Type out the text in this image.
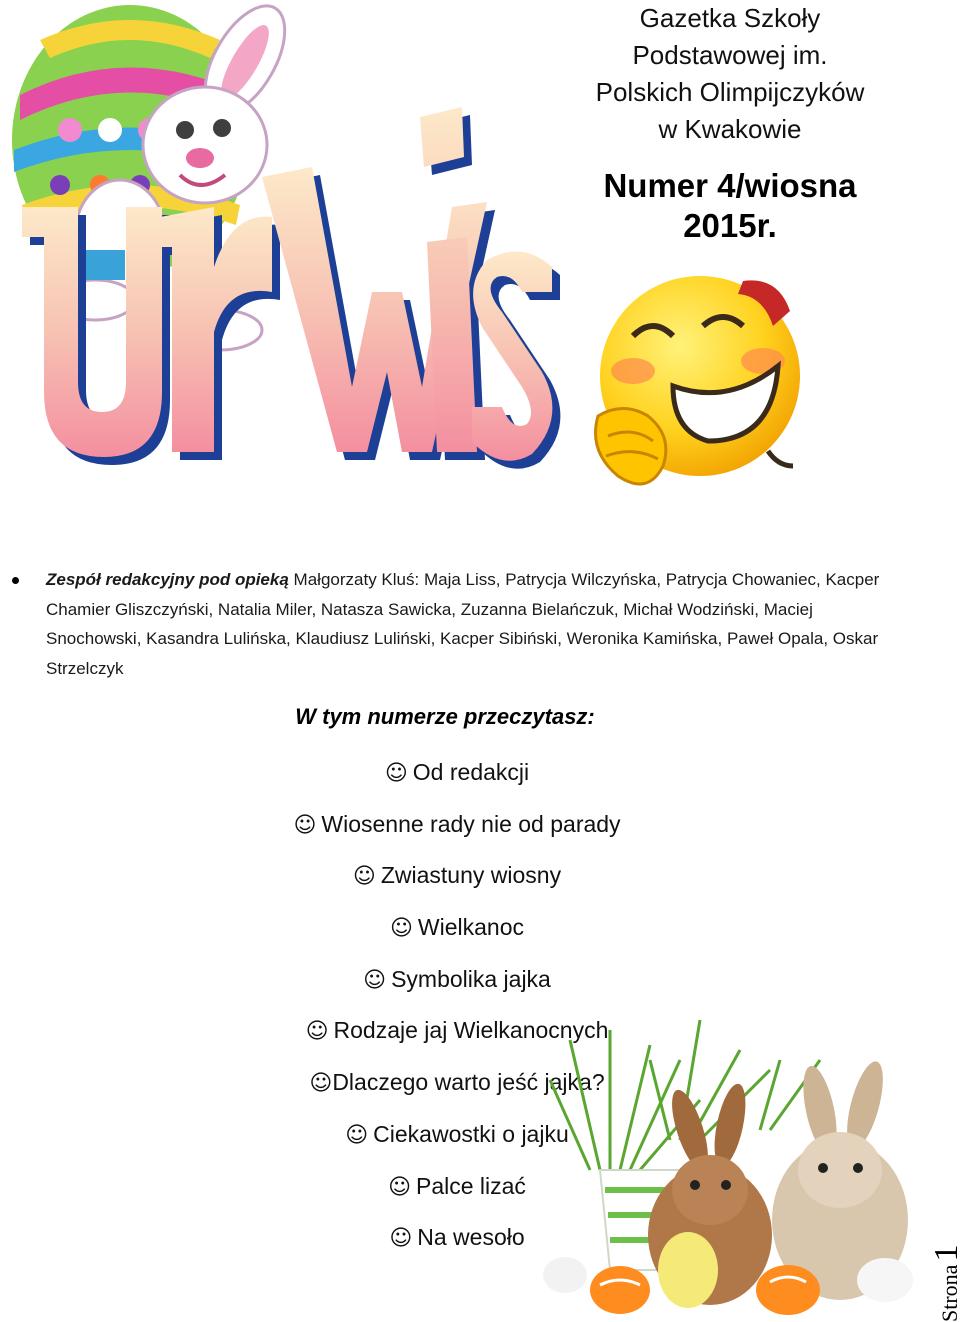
Gazetka Szkoły
Podstawowej im.
Polskich Olimpijczyków
w Kwakowie
Numer 4/wiosna
2015r.
Zespół redakcyjny pod opieką Małgorzaty Kluś: Maja Liss, Patrycja Wilczyńska, Patrycja Chowaniec, Kacper Chamier Gliszczyński, Natalia Miler, Natasza Sawicka, Zuzanna Bielańczuk, Michał Wodziński, Maciej Snochowski, Kasandra Lulińska, Klaudiusz Luliński, Kacper Sibiński, Weronika Kamińska, Paweł Opala, Oskar Strzelczyk
W tym numerze przeczytasz:
☺ Od redakcji
☺ Wiosenne rady nie od parady
☺ Zwiastuny wiosny
☺ Wielkanoc
☺ Symbolika jajka
☺ Rodzaje jaj Wielkanocnych
☺Dlaczego warto jeść jajka?
☺ Ciekawostki o jajku
☺ Palce lizać
☺ Na wesoło
Strona1
